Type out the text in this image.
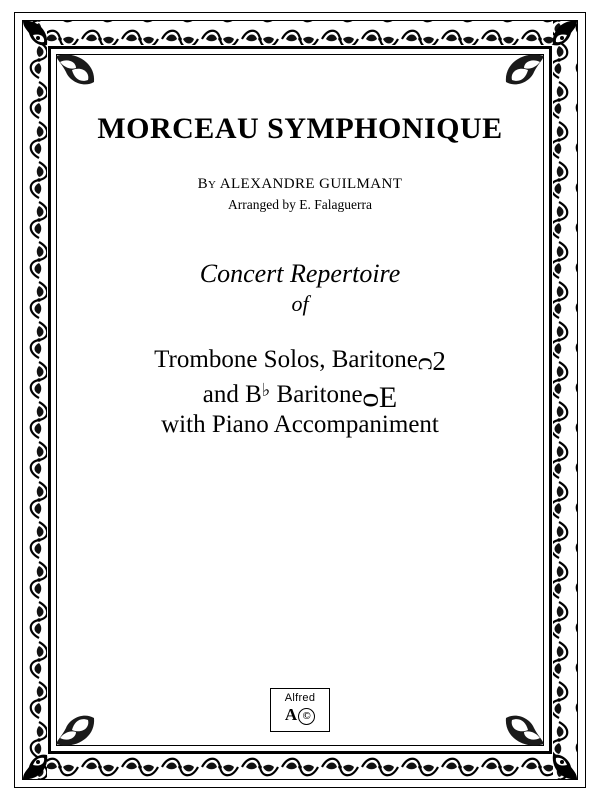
MORCEAU SYMPHONIQUE
By ALEXANDRE GUILMANT
Arranged by E. Falaguerra
Concert Repertoire
of
Trombone Solos, Baritoneᴒ2
and B♭ BaritoneᴑE
with Piano Accompaniment
Alfred
A ©
